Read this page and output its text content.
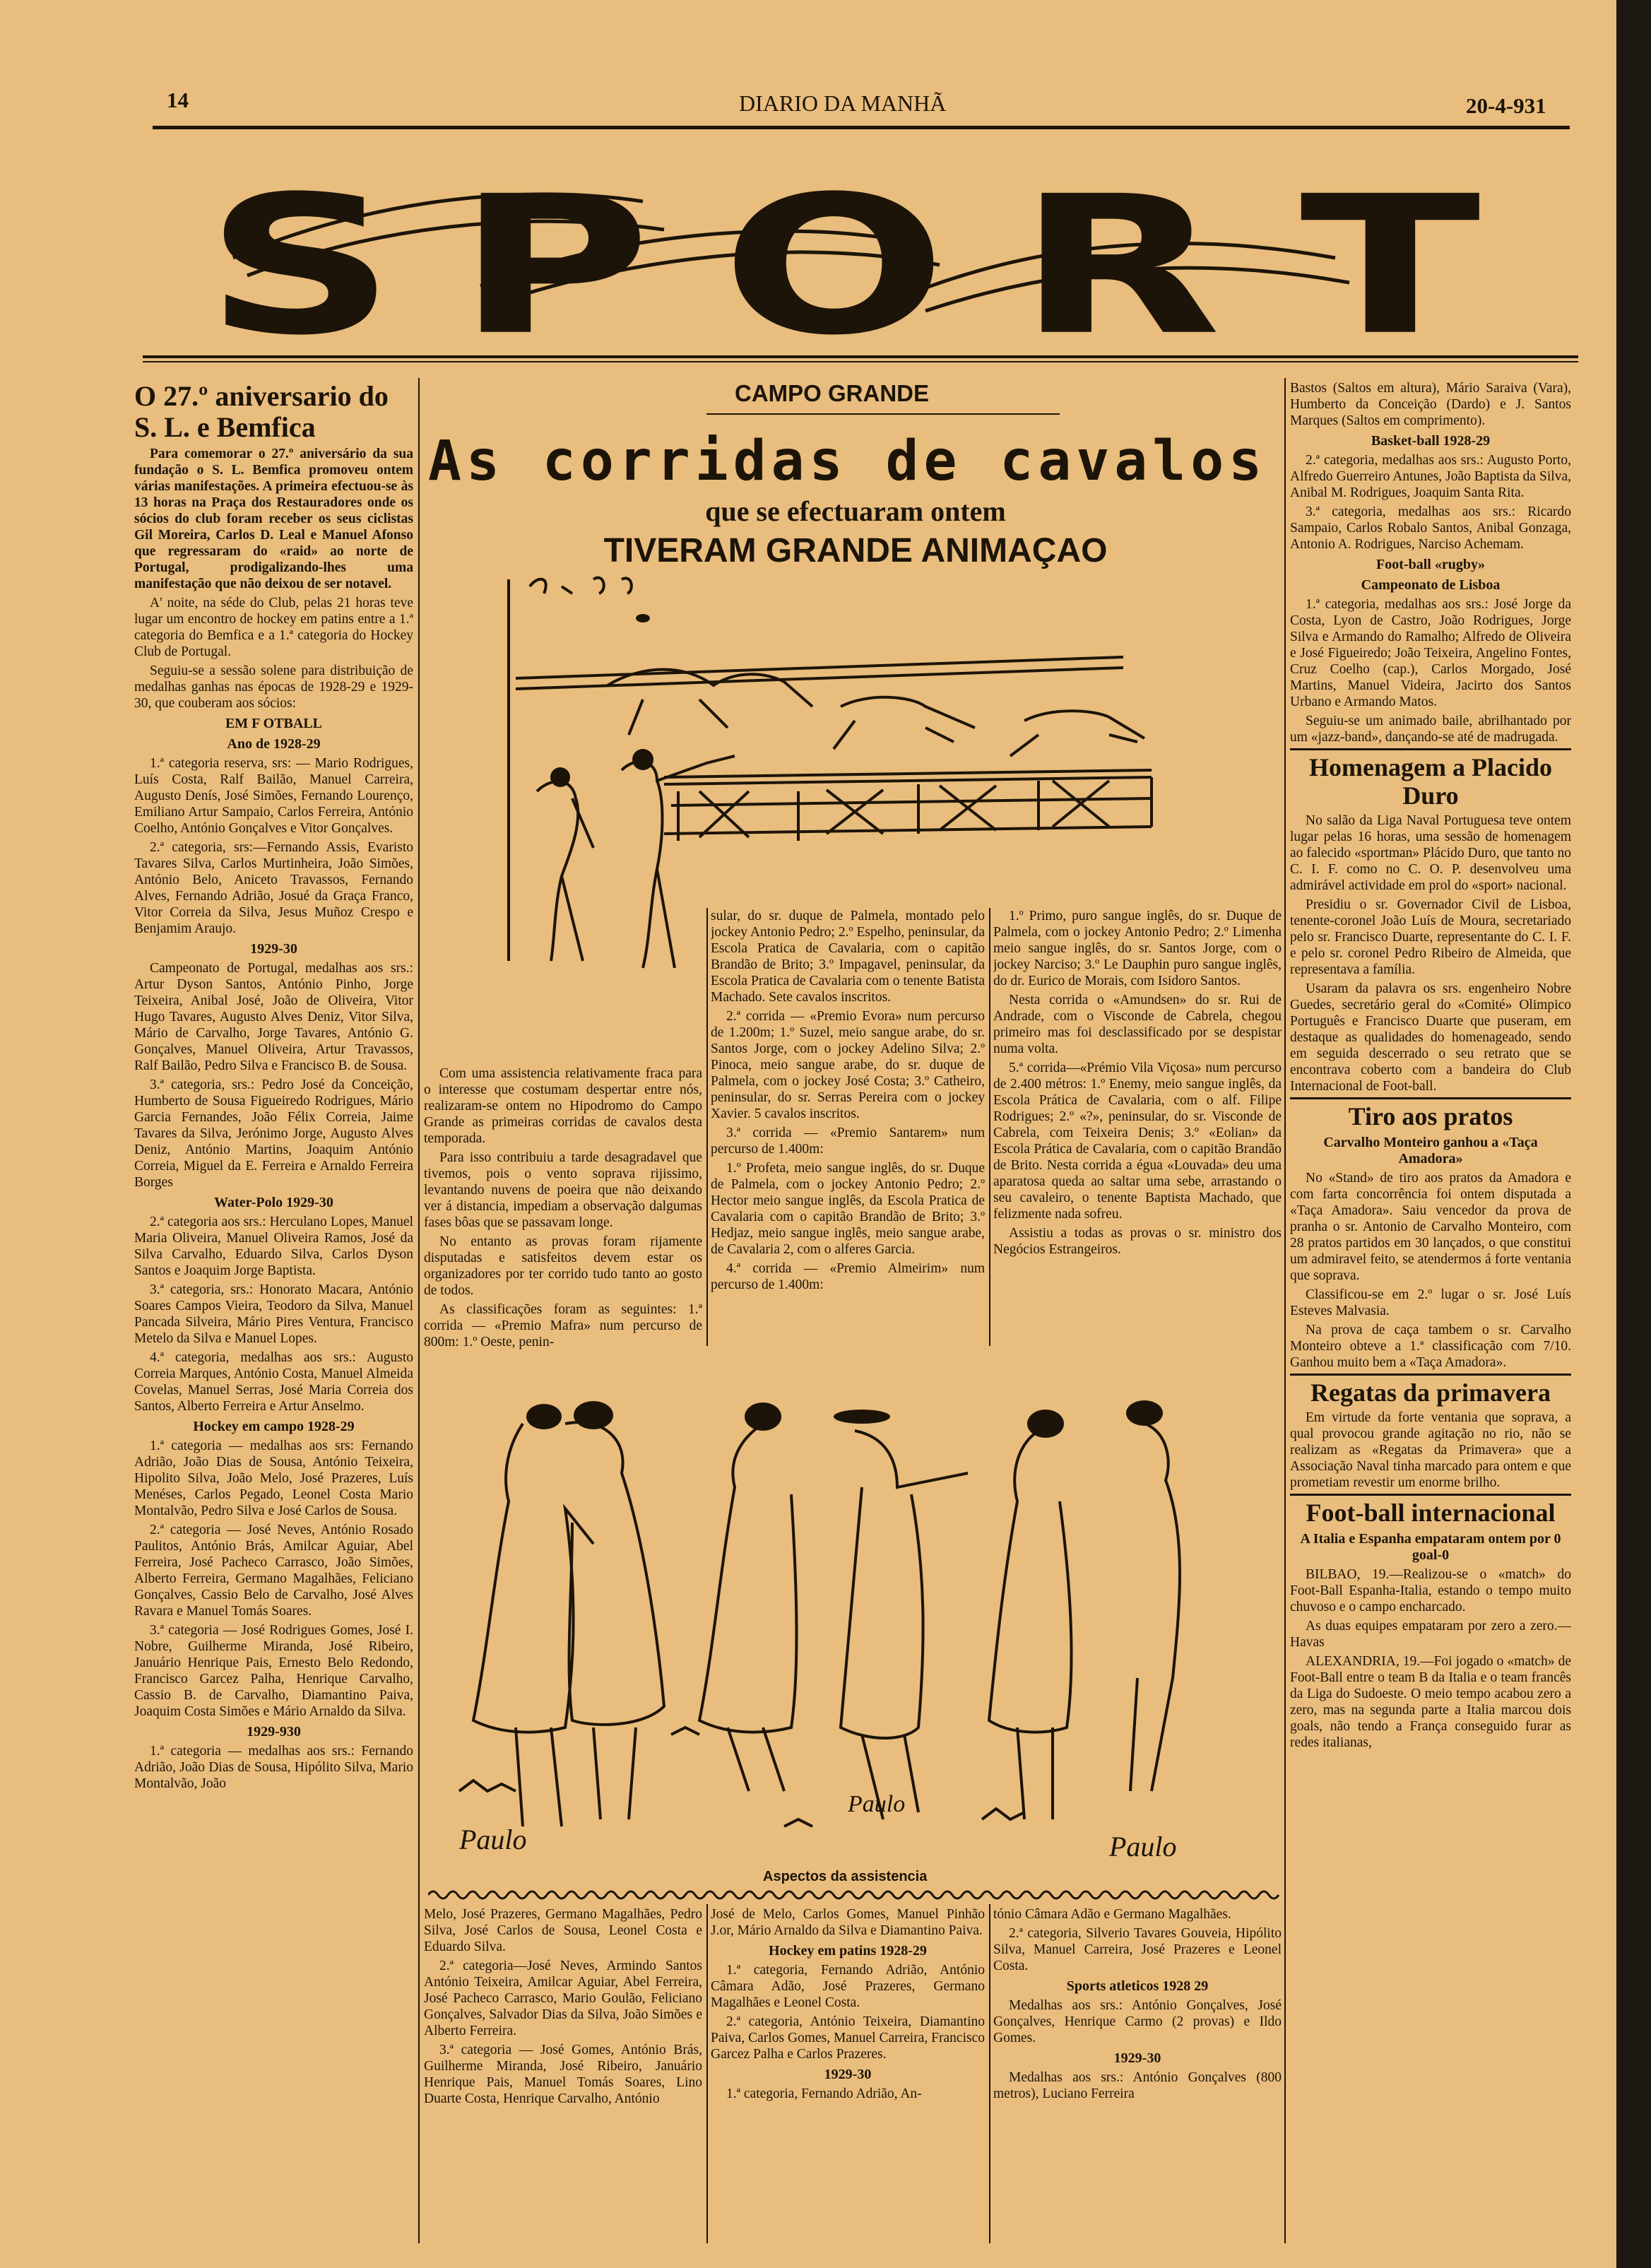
14	DIARIO DA MANHÃ	20-4-931
S P O R T
O 27.º aniversario do S. L. e Bemfica

Para comemorar o 27.º aniversário da sua fundação o S. L. Bemfica promoveu ontem várias manifestações. A primeira efectuou-se às 13 horas na Praça dos Restauradores onde os sócios do club foram receber os seus ciclistas Gil Moreira, Carlos D. Leal e Manuel Afonso que regressaram do «raid» ao norte de Portugal, prodigalizando-lhes uma manifestação que não deixou de ser notavel.

A' noite, na séde do Club, pelas 21 horas teve lugar um encontro de hockey em patins entre a 1.ª categoria do Bemfica e a 1.ª categoria do Hockey Club de Portugal.

Seguiu-se a sessão solene para distribuição de medalhas ganhas nas épocas de 1928-29 e 1929-30, que couberam aos sócios:

EM F OTBALL

Ano de 1928-29

1.ª categoria reserva, srs: — Mario Rodrigues, Luís Costa, Ralf Bailão, Manuel Carreira, Augusto Denís, José Simões, Fernando Lourenço, Emiliano Artur Sampaio, Carlos Ferreira, António Coelho, António Gonçalves e Vitor Gonçalves.

2.ª categoria, srs:—Fernando Assis, Evaristo Tavares Silva, Carlos Murtinheira, João Simões, António Belo, Aniceto Travassos, Fernando Alves, Fernando Adrião, Josué da Graça Franco, Vitor Correia da Silva, Jesus Muñoz Crespo e Benjamim Araujo.

1929-30

Campeonato de Portugal, medalhas aos srs.: Artur Dyson Santos, António Pinho, Jorge Teixeira, Anibal José, João de Oliveira, Vitor Hugo Tavares, Augusto Alves Deniz, Vitor Silva, Mário de Carvalho, Jorge Tavares, António G. Gonçalves, Manuel Oliveira, Artur Travassos, Ralf Bailão, Pedro Silva e Francisco B. de Sousa.

3.ª categoria, srs.: Pedro José da Conceição, Humberto de Sousa Figueiredo Rodrigues, Mário Garcia Fernandes, João Félix Correia, Jaime Tavares da Silva, Jerónimo Jorge, Augusto Alves Deniz, António Martins, Joaquim António Correia, Miguel da E. Ferreira e Arnaldo Ferreira Borges

Water-Polo 1929-30

2.ª categoria aos srs.: Herculano Lopes, Manuel Maria Oliveira, Manuel Oliveira Ramos, José da Silva Carvalho, Eduardo Silva, Carlos Dyson Santos e Joaquim Jorge Baptista.

3.ª categoria, srs.: Honorato Macara, António Soares Campos Vieira, Teodoro da Silva, Manuel Pancada Silveira, Mário Pires Ventura, Francisco Metelo da Silva e Manuel Lopes.

4.ª categoria, medalhas aos srs.: Augusto Correia Marques, António Costa, Manuel Almeida Covelas, Manuel Serras, José Maria Correia dos Santos, Alberto Ferreira e Artur Anselmo.

Hockey em campo 1928-29

1.ª categoria — medalhas aos srs: Fernando Adrião, João Dias de Sousa, António Teixeira, Hipolito Silva, João Melo, José Prazeres, Luís Menéses, Carlos Pegado, Leonel Costa Mario Montalvão, Pedro Silva e José Carlos de Sousa.

2.ª categoria — José Neves, António Rosado Paulitos, António Brás, Amilcar Aguiar, Abel Ferreira, José Pacheco Carrasco, João Simões, Alberto Ferreira, Germano Magalhães, Feliciano Gonçalves, Cassio Belo de Carvalho, José Alves Ravara e Manuel Tomás Soares.

3.ª categoria — José Rodrigues Gomes, José I. Nobre, Guilherme Miranda, José Ribeiro, Januário Henrique Pais, Ernesto Belo Redondo, Francisco Garcez Palha, Henrique Carvalho, Cassio B. de Carvalho, Diamantino Paiva, Joaquim Costa Simões e Mário Arnaldo da Silva.

1929-930

1.ª categoria — medalhas aos srs.: Fernando Adrião, João Dias de Sousa, Hipólito Silva, Mario Montalvão, João

CAMPO GRANDE
As corridas de cavalos
que se efectuaram ontem
TIVERAM GRANDE ANIMAÇAO

Com uma assistencia relativamente fraca para o interesse que costumam despertar entre nós, realizaram-se ontem no Hipodromo do Campo Grande as primeiras corridas de cavalos desta temporada.

Para isso contribuiu a tarde desagradavel que tivemos, pois o vento soprava rijissimo, levantando nuvens de poeira que não deixando ver á distancia, impediam a observação dalgumas fases bôas que se passavam longe.

No entanto as provas foram rijamente disputadas e satisfeitos devem estar os organizadores por ter corrido tudo tanto ao gosto de todos.

As classificações foram as seguintes: 1.ª corrida — «Premio Mafra» num percurso de 800m: 1.º Oeste, penin-

sular, do sr. duque de Palmela, montado pelo jockey Antonio Pedro; 2.º Espelho, peninsular, da Escola Pratica de Cavalaria, com o capitão Brandão de Brito; 3.º Impagavel, peninsular, da Escola Pratica de Cavalaria com o tenente Batista Machado. Sete cavalos inscritos.

2.ª corrida — «Premio Evora» num percurso de 1.200m; 1.º Suzel, meio sangue arabe, do sr. Santos Jorge, com o jockey Adelino Silva; 2.º Pinoca, meio sangue arabe, do sr. duque de Palmela, com o jockey José Costa; 3.º Catheiro, peninsular, do sr. Serras Pereira com o jockey Xavier. 5 cavalos inscritos.

3.ª corrida — «Premio Santarem» num percurso de 1.400m:

1.º Profeta, meio sangue inglês, do sr. Duque de Palmela, com o jockey Antonio Pedro; 2.º Hector meio sangue inglês, da Escola Pratica de Cavalaria com o capitão Brandão de Brito; 3.º Hedjaz, meio sangue inglês, meio sangue arabe, de Cavalaria 2, com o alferes Garcia.

4.ª corrida — «Premio Almeirim» num percurso de 1.400m:

1.º Primo, puro sangue inglês, do sr. Duque de Palmela, com o jockey Antonio Pedro; 2.º Limenha meio sangue inglês, do sr. Santos Jorge, com o jockey Narciso; 3.º Le Dauphin puro sangue inglês, do dr. Eurico de Morais, com Isidoro Santos.

Nesta corrida o «Amundsen» do sr. Rui de Andrade, com o Visconde de Cabrela, chegou primeiro mas foi desclassificado por se despistar numa volta.

5.ª corrida—«Prémio Vila Viçosa» num percurso de 2.400 métros: 1.º Enemy, meio sangue inglês, da Escola Prática de Cavalaria, com o alf. Filipe Rodrigues; 2.º «?», peninsular, do sr. Visconde de Cabrela, com Teixeira Denis; 3.º «Eolian» da Escola Prática de Cavalaria, com o capitão Brandão de Brito. Nesta corrida a égua «Louvada» deu uma aparatosa queda ao saltar uma sebe, arrastando o seu cavaleiro, o tenente Baptista Machado, que felizmente nada sofreu.

Assistiu a todas as provas o sr. ministro dos Negócios Estrangeiros.

Paulo
Paulo
Paulo
Aspectos da assistencia

Melo, José Prazeres, Germano Magalhães, Pedro Silva, José Carlos de Sousa, Leonel Costa e Eduardo Silva.

2.ª categoria—José Neves, Armindo Santos António Teixeira, Amilcar Aguiar, Abel Ferreira, José Pacheco Carrasco, Mario Goulão, Feliciano Gonçalves, Salvador Dias da Silva, João Simões e Alberto Ferreira.

3.ª categoria — José Gomes, António Brás, Guilherme Miranda, José Ribeiro, Januário Henrique Pais, Manuel Tomás Soares, Lino Duarte Costa, Henrique Carvalho, António

José de Melo, Carlos Gomes, Manuel Pinhão J.or, Mário Arnaldo da Silva e Diamantino Paiva.

Hockey em patins 1928-29

1.ª categoria, Fernando Adrião, António Câmara Adão, José Prazeres, Germano Magalhães e Leonel Costa.

2.ª categoria, António Teixeira, Diamantino Paiva, Carlos Gomes, Manuel Carreira, Francisco Garcez Palha e Carlos Prazeres.

1929-30

1.ª categoria, Fernando Adrião, An-

tónio Câmara Adão e Germano Magalhães.

2.ª categoria, Silverio Tavares Gouveia, Hipólito Silva, Manuel Carreira, José Prazeres e Leonel Costa.

Sports atleticos 1928 29

Medalhas aos srs.: António Gonçalves, José Gonçalves, Henrique Carmo (2 provas) e Ildo Gomes.

1929-30

Medalhas aos srs.: António Gonçalves (800 metros), Luciano Ferreira

Bastos (Saltos em altura), Mário Saraiva (Vara), Humberto da Conceição (Dardo) e J. Santos Marques (Saltos em comprimento).

Basket-ball 1928-29

2.ª categoria, medalhas aos srs.: Augusto Porto, Alfredo Guerreiro Antunes, João Baptista da Silva, Anibal M. Rodrigues, Joaquim Santa Rita.

3.ª categoria, medalhas aos srs.: Ricardo Sampaio, Carlos Robalo Santos, Anibal Gonzaga, Antonio A. Rodrigues, Narciso Achemam.

Foot-ball «rugby»

Campeonato de Lisboa

1.ª categoria, medalhas aos srs.: José Jorge da Costa, Lyon de Castro, João Rodrigues, Jorge Silva e Armando do Ramalho; Alfredo de Oliveira e José Figueiredo; João Teixeira, Angelino Fontes, Cruz Coelho (cap.), Carlos Morgado, José Martins, Manuel Videira, Jacirto dos Santos Urbano e Armando Matos.

Seguiu-se um animado baile, abrilhantado por um «jazz-band», dançando-se até de madrugada.

Homenagem a Placido Duro

No salão da Liga Naval Portuguesa teve ontem lugar pelas 16 horas, uma sessão de homenagem ao falecido «sportman» Plácido Duro, que tanto no C. I. F. como no C. O. P. desenvolveu uma admirável actividade em prol do «sport» nacional.

Presidiu o sr. Governador Civil de Lisboa, tenente-coronel João Luís de Moura, secretariado pelo sr. Francisco Duarte, representante do C. I. F. e pelo sr. coronel Pedro Ribeiro de Almeida, que representava a família.

Usaram da palavra os srs. engenheiro Nobre Guedes, secretário geral do «Comité» Olimpico Português e Francisco Duarte que puseram, em destaque as qualidades do homenageado, sendo em seguida descerrado o seu retrato que se encontrava coberto com a bandeira do Club Internacional de Foot-ball.

Tiro aos pratos

Carvalho Monteiro ganhou a «Taça Amadora»

No «Stand» de tiro aos pratos da Amadora e com farta concorrência foi ontem disputada a «Taça Amadora». Saiu vencedor da prova de pranha o sr. Antonio de Carvalho Monteiro, com 28 pratos partidos em 30 lançados, o que constitui um admiravel feito, se atendermos á forte ventania que soprava.

Classificou-se em 2.º lugar o sr. José Luís Esteves Malvasia.

Na prova de caça tambem o sr. Carvalho Monteiro obteve a 1.ª classificação com 7/10. Ganhou muito bem a «Taça Amadora».

Regatas da primavera

Em virtude da forte ventania que soprava, a qual provocou grande agitação no rio, não se realizam as «Regatas da Primavera» que a Associação Naval tinha marcado para ontem e que prometiam revestir um enorme brilho.

Foot-ball internacional

A Italia e Espanha empataram ontem por 0 goal-0

BILBAO, 19.—Realizou-se o «match» do Foot-Ball Espanha-Italia, estando o tempo muito chuvoso e o campo encharcado.

As duas equipes empataram por zero a zero.—Havas

ALEXANDRIA, 19.—Foi jogado o «match» de Foot-Ball entre o team B da Italia e o team francês da Liga do Sudoeste. O meio tempo acabou zero a zero, mas na segunda parte a Italia marcou dois goals, não tendo a França conseguido furar as redes italianas,
